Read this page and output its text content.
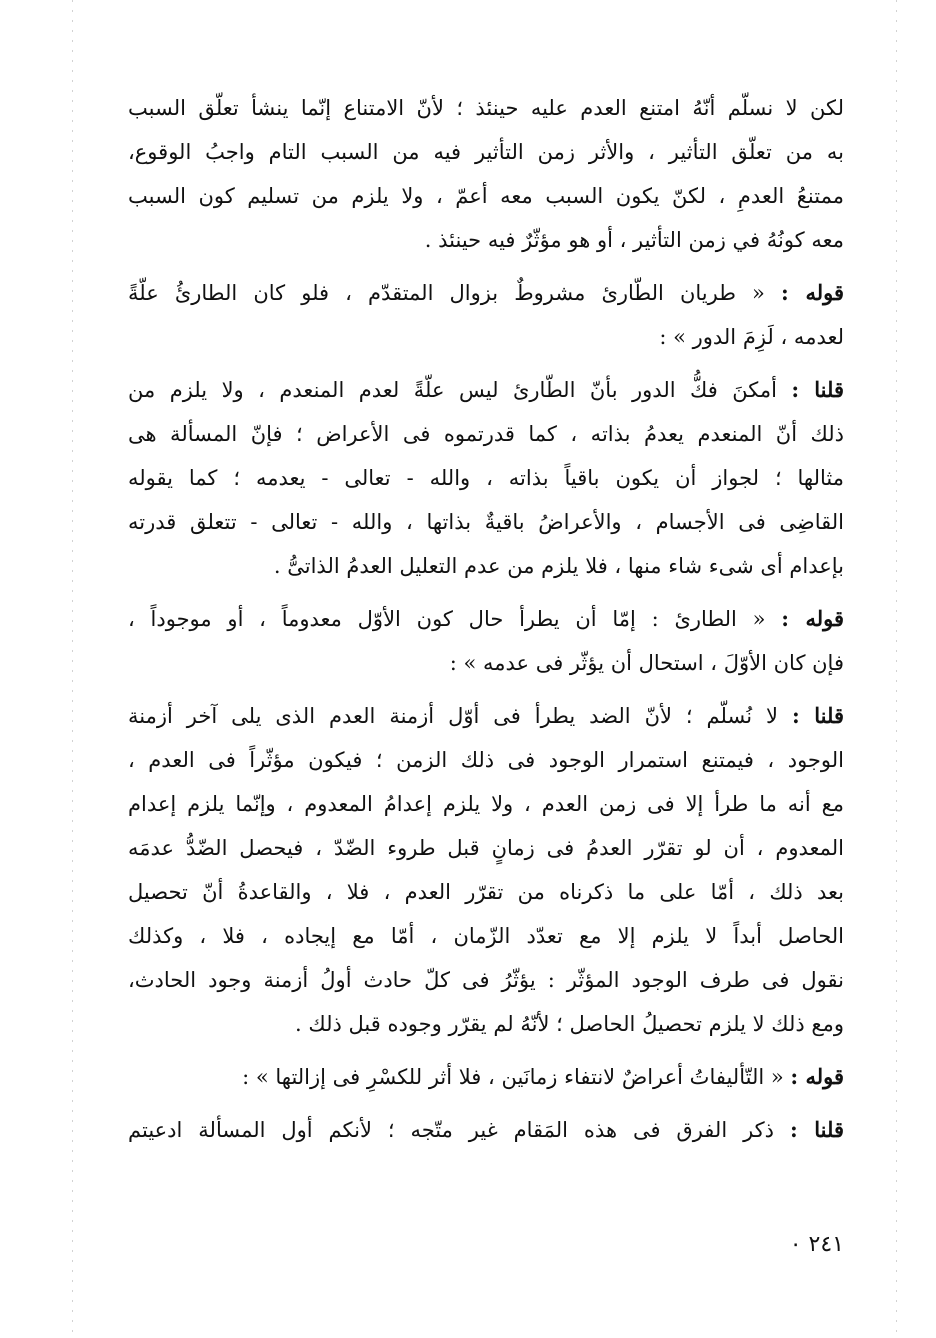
لكن لا نسلّم أنّهُ امتنع العدم عليه حينئذ ؛ لأنّ الامتناع إنّما ينشأ تعلّق السبب
به من تعلّق التأثير ، والأثر زمن التأثير فيه من السبب التام واجبُ الوقوع،
ممتنعُ العدمِ ، لكنّ يكون السبب معه أعمّ ، ولا يلزم من تسليم كون السبب
معه كونُهُ في زمن التأثير ، أو هو مؤثّرٌ فيه حينئذ .
قوله : « طريان الطّارئ مشروطٌ بزوال المتقدّم ، فلو كان الطارئُ علّةً
لعدمه ، لَزِمَ الدور » :
قلنا : أمكنَ فكُّ الدور بأنّ الطّارئ ليس علّةً لعدم المنعدم ، ولا يلزم من
ذلك أنّ المنعدم يعدمُ بذاته ، كما قدرتموه فى الأعراض ؛ فإنّ المسألة هى
مثالها ؛ لجواز أن يكون باقياً بذاته ، والله - تعالى - يعدمه ؛ كما يقوله
القاضِى فى الأجسام ، والأعراضُ باقيةٌ بذاتها ، والله - تعالى - تتعلق قدرته
بإعدام أى شىء شاء منها ، فلا يلزم من عدم التعليل العدمُ الذاتىُّ .
قوله : « الطارئ : إمّا أن يطرأ حال كون الأوّل معدوماً ، أو موجوداً ،
فإن كان الأوّلَ ، استحال أن يؤثّر فى عدمه » :
قلنا : لا نُسلّم ؛ لأنّ الضد يطرأ فى أوّل أزمنة العدم الذى يلى آخر أزمنة
الوجود ، فيمتنع استمرار الوجود فى ذلك الزمن ؛ فيكون مؤثّراً فى العدم ،
مع أنه ما طرأ إلا فى زمن العدم ، ولا يلزم إعدامُ المعدوم ، وإنّما يلزم إعدام
المعدوم ، أن لو تقرّر العدمُ فى زمانٍ قبل طروء الضّدّ ، فيحصل الضّدُّ عدمَه
بعد ذلك ، أمّا على ما ذكرناه من تقرّر العدم ، فلا ، والقاعدةُ أنّ تحصيل
الحاصل أبداً لا يلزم إلا مع تعدّد الزّمان ، أمّا مع إيجاده ، فلا ، وكذلك
نقول فى طرف الوجود المؤثّر : يؤثّرُ فى كلّ حادث أولُ أزمنة وجود الحادث،
ومع ذلك لا يلزم تحصيلُ الحاصل ؛ لأنّهُ لم يقرّر وجوده قبل ذلك .
قوله : « التّأليفاتُ أعراضٌ لانتفاء زمانَين ، فلا أثر للكسْرِ فى إزالتها » :
قلنا : ذكر الفرق فى هذه المَقام غير متّجه ؛ لأنكم أول المسألة ادعيتم
٢٤١ ٠
